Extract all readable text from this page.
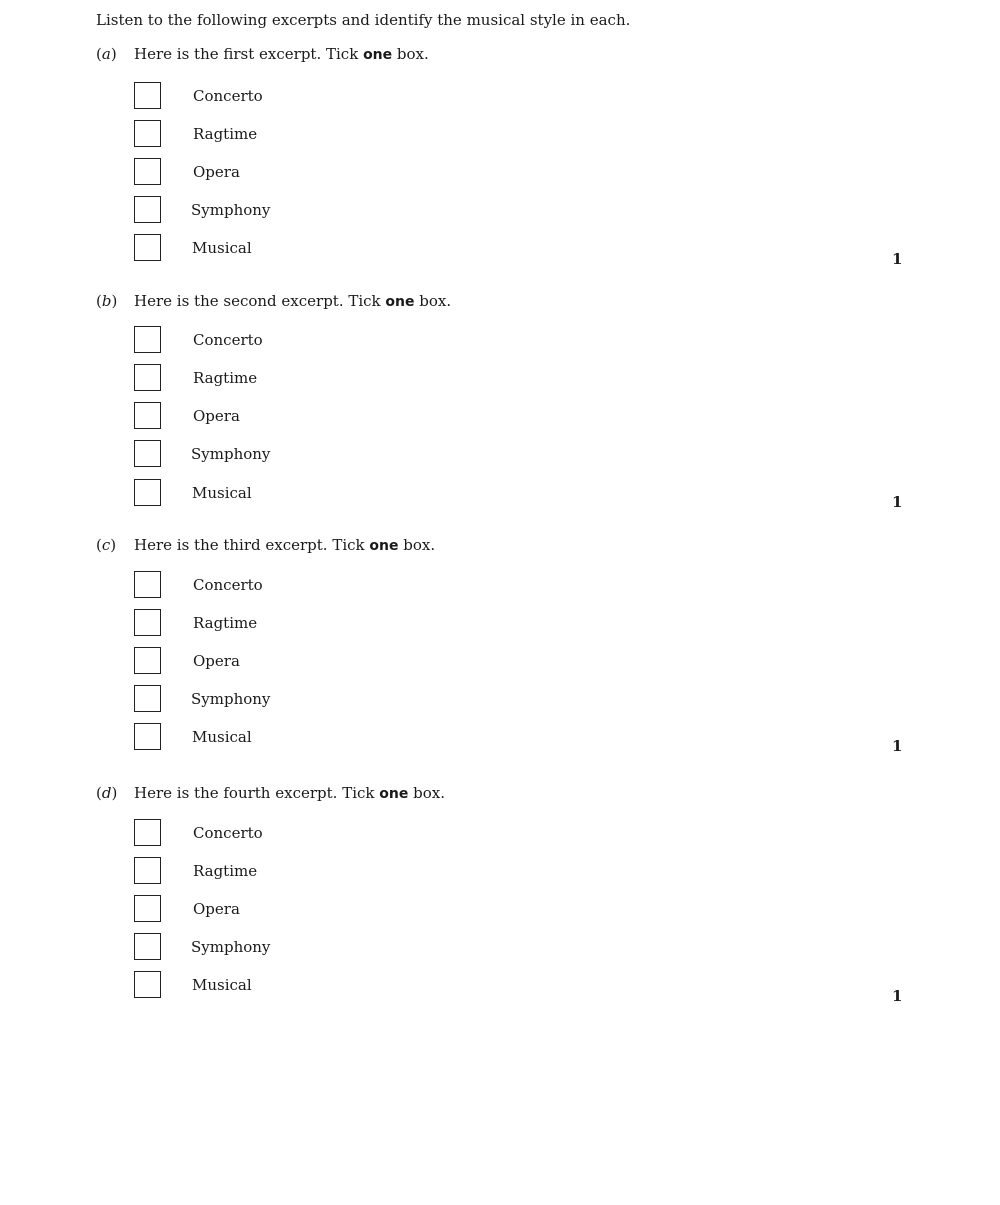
Listen to the following excerpts and identify the musical style in each.
(a) Here is the first excerpt. Tick one box.
Concerto
Ragtime
Opera
Symphony
Musical
1
(b) Here is the second excerpt. Tick one box.
Concerto
Ragtime
Opera
Symphony
Musical	1
(c) Here is the third excerpt. Tick one box.
Concerto
Ragtime
Opera
Symphony
Musical	1
(d) Here is the fourth excerpt. Tick one box.
Concerto
Ragtime
Opera
Symphony
Musical
1
